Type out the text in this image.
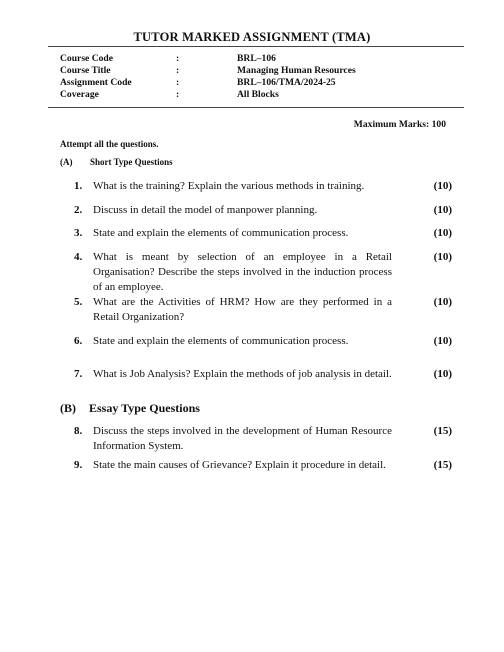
TUTOR MARKED ASSIGNMENT (TMA)
Course Code	:	BRL–106
Course Title	:	Managing Human Resources
Assignment Code	:	BRL–106/TMA/2024-25
Coverage	:	All Blocks
Maximum Marks: 100
Attempt all the questions.
(A) Short Type Questions
1. What is the training? Explain the various methods in training.	(10)
2. Discuss in detail the model of manpower planning.	(10)
3. State and explain the elements of communication process.	(10)
4. What is meant by selection of an employee in a Retail Organisation? Describe the steps involved in the induction process of an employee.
(10)
5. What are the Activities of HRM? How are they performed in a Retail Organization?
(10)
6. State and explain the elements of communication process.	(10)
7. What is Job Analysis? Explain the methods of job analysis in detail.	(10)
(B) Essay Type Questions
8. Discuss the steps involved in the development of Human Resource Information System.
(15)
9. State the main causes of Grievance? Explain it procedure in detail.	(15)
